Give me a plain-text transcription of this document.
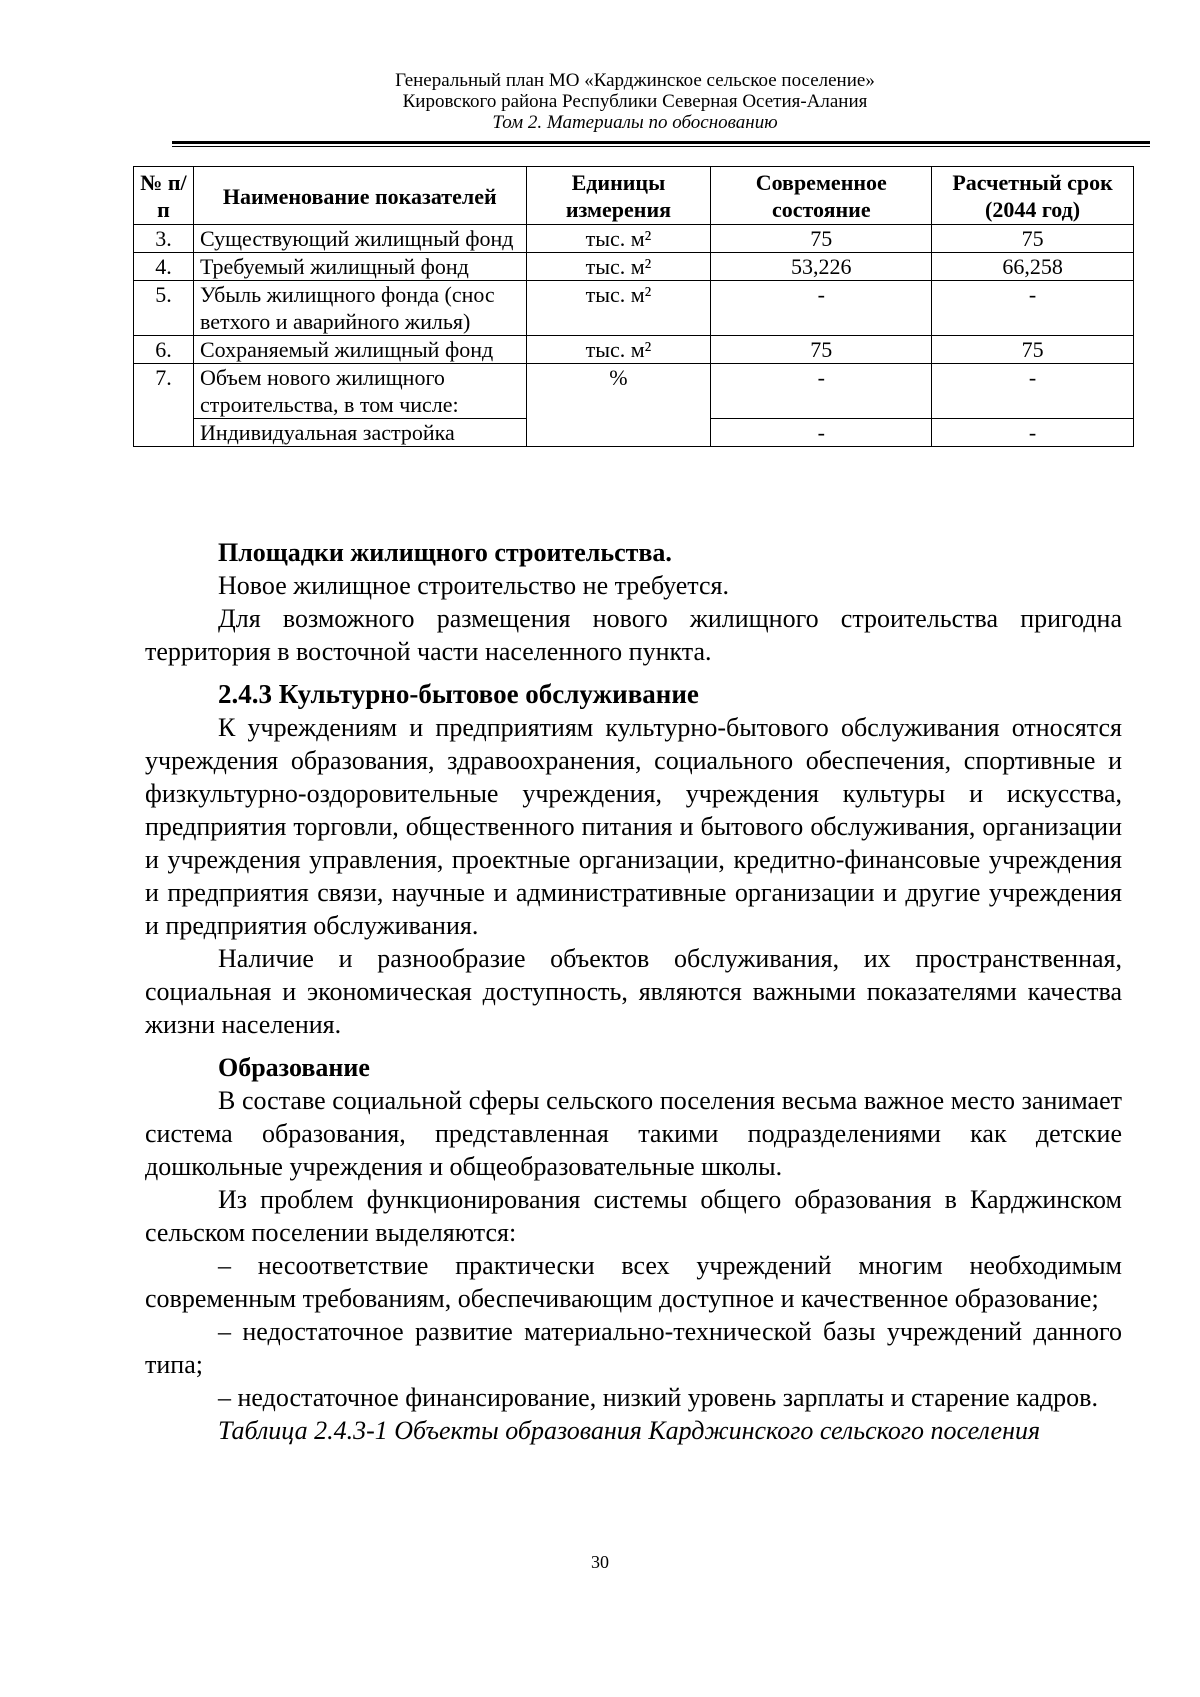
Генеральный план МО «Карджинское сельское поселение»
Кировского района Республики Северная Осетия-Алания
Том 2. Материалы по обоснованию
№ п/п	Наименование показателей	Единицы измерения	Современное состояние	Расчетный срок (2044 год)
3.	Существующий жилищный фонд	тыс. м²	75	75
4.	Требуемый жилищный фонд	тыс. м²	53,226	66,258
5.	Убыль жилищного фонда (снос ветхого и аварийного жилья)	тыс. м²	-	-
6.	Сохраняемый жилищный фонд	тыс. м²	75	75
7.	Объем нового жилищного строительства, в том числе:	%	-	-
	Индивидуальная застройка		-	-

Площадки жилищного строительства.

Новое жилищное строительство не требуется.

Для возможного размещения нового жилищного строительства пригодна территория в восточной части населенного пункта.

2.4.3 Культурно-бытовое обслуживание

К учреждениям и предприятиям культурно-бытового обслуживания относятся учреждения образования, здравоохранения, социального обеспечения, спортивные и физкультурно-оздоровительные учреждения, учреждения культуры и искусства, предприятия торговли, общественного питания и бытового обслуживания, организации и учреждения управления, проектные организации, кредитно-финансовые учреждения и предприятия связи, научные и административные организации и другие учреждения и предприятия обслуживания.

Наличие и разнообразие объектов обслуживания, их пространственная, социальная и экономическая доступность, являются важными показателями качества жизни населения.

Образование

В составе социальной сферы сельского поселения весьма важное место занимает система образования, представленная такими подразделениями как детские дошкольные учреждения и общеобразовательные школы.

Из проблем функционирования системы общего образования в Карджинском сельском поселении выделяются:

– несоответствие практически всех учреждений многим необходимым современным требованиям, обеспечивающим доступное и качественное образование;

– недостаточное развитие материально-технической базы учреждений данного типа;

– недостаточное финансирование, низкий уровень зарплаты и старение кадров.

Таблица 2.4.3-1 Объекты образования Карджинского сельского поселения

30
